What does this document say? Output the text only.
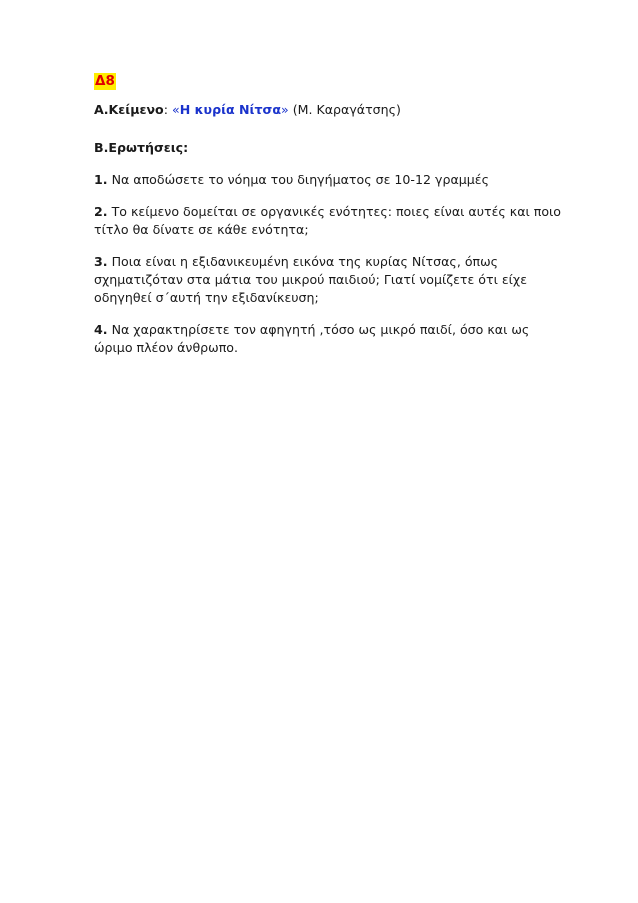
Δ8

Α.Κείμενο: «Η κυρία Νίτσα» (Μ. Καραγάτσης)

Β.Ερωτήσεις:

1. Να αποδώσετε το νόημα του διηγήματος σε 10-12 γραμμές

2. Το κείμενο δομείται σε οργανικές ενότητες: ποιες είναι αυτές και ποιο

τίτλο θα δίνατε σε κάθε ενότητα;

3. Ποια είναι η εξιδανικευμένη εικόνα της κυρίας Νίτσας, όπως

σχηματιζόταν στα μάτια του μικρού παιδιού; Γιατί νομίζετε ότι είχε

οδηγηθεί σ΄αυτή την εξιδανίκευση;

4. Να χαρακτηρίσετε τον αφηγητή ,τόσο ως μικρό παιδί, όσο και ως

ώριμο πλέον άνθρωπο.
